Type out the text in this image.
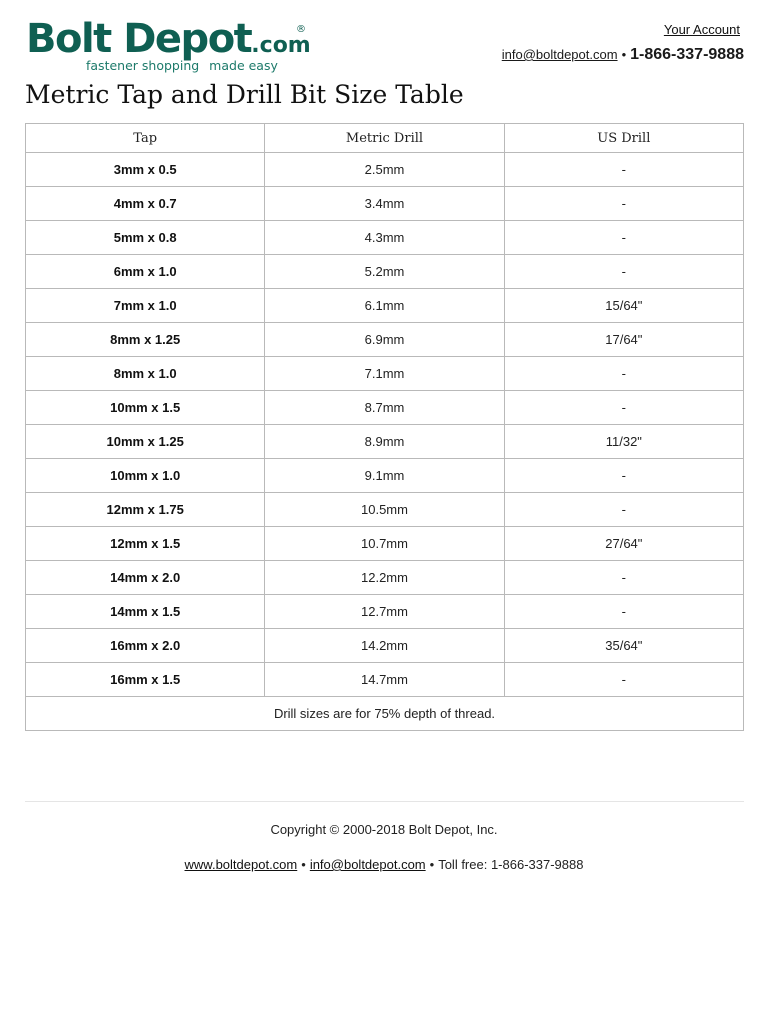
Bolt Depot.com
®
fastener shopping made easy
Your Account
info@boltdepot.com • 1-866-337-9888
Metric Tap and Drill Bit Size Table
Tap	Metric Drill	US Drill
3mm x 0.5	2.5mm	-
4mm x 0.7	3.4mm	-
5mm x 0.8	4.3mm	-
6mm x 1.0	5.2mm	-
7mm x 1.0	6.1mm	15/64"
8mm x 1.25	6.9mm	17/64"
8mm x 1.0	7.1mm	-
10mm x 1.5	8.7mm	-
10mm x 1.25	8.9mm	11/32"
10mm x 1.0	9.1mm	-
12mm x 1.75	10.5mm	-
12mm x 1.5	10.7mm	27/64"
14mm x 2.0	12.2mm	-
14mm x 1.5	12.7mm	-
16mm x 2.0	14.2mm	35/64"
16mm x 1.5	14.7mm	-
Drill sizes are for 75% depth of thread.		
Copyright © 2000-2018 Bolt Depot, Inc.
www.boltdepot.com • info@boltdepot.com • Toll free: 1-866-337-9888
